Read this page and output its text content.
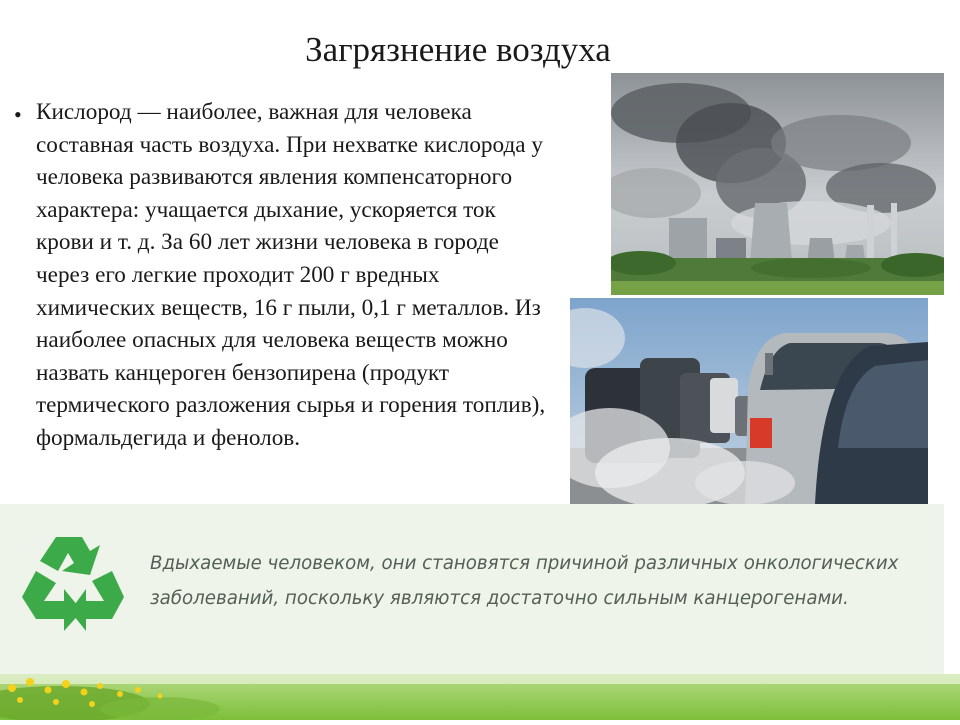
Загрязнение воздуха
• Кислород — наиболее, важная для человека составная часть воздуха. При нехватке кислорода у человека развиваются явления компенсаторного характера: учащается дыхание, ускоряется ток крови и т. д. За 60 лет жизни человека в городе через его легкие проходит 200 г вредных химических веществ, 16 г пыли, 0,1 г металлов. Из наиболее опасных для человека веществ можно назвать канцероген бензопирена (продукт термического разложения сырья и горения топлив), формальдегида и фенолов.
Вдыхаемые человеком, они становятся причиной различных онкологических заболеваний, поскольку являются достаточно сильным канцерогенами.
